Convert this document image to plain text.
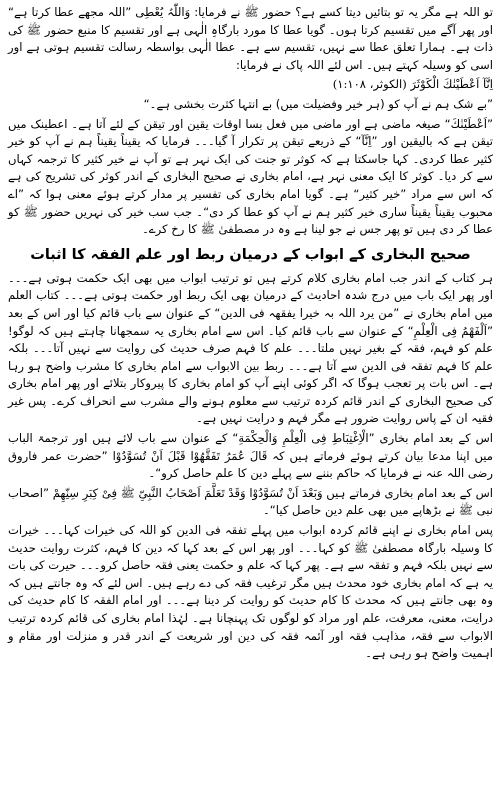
تو اللہ ہے مگر یہ تو بتائیں دیتا کسے ہے؟ حضور ﷺ نے فرمایا: وَاللّٰہُ یُعْطِی ”اللہ مجھے عطا کرتا ہے“ اور پھر آگے میں تقسیم کرتا ہوں۔ گویا عطا کا مورد بارگاہِ الٰہی ہے اور تقسیم کا منبع حضور ﷺ کی ذات ہے۔ ہمارا تعلق عطا سے نہیں، تقسیم سے ہے۔ عطا الٰہی بواسطہ رسالت تقسیم ہوتی ہے اور اسی کو وسیلہ کہتے ہیں۔ اس لئے اللہ پاک نے فرمایا:

اِنَّآ اَعْطَیْنٰكَ الْكَوْثَرَ (الکوثر، ۱:۱۰۸)

”بے شک ہم نے آپ کو (ہر خیر وفضیلت میں) بے انتہا کثرت بخشی ہے۔“

”اَعْطَیْنٰكَ“ صیغہ ماضی ہے اور ماضی میں فعل بسا اوقات یقین اور تیقن کے لئے آتا ہے۔ اعطینک میں تیقن ہے کہ بالیقین اور ”اِنَّآ“ کے ذریعے تیقن پر تکرار آ گیا۔۔۔ فرمایا کہ یقیناً یقیناً ہم نے آپ کو خیر کثیر عطا کردی۔ کہا جاسکتا ہے کہ کوثر تو جنت کی ایک نہر ہے تو آپ نے خیر کثیر کا ترجمہ کہاں سے کر دیا۔ کوثر کا ایک معنی نہر ہے، امام بخاری نے صحیح البخاری کے اندر کوثر کی تشریح کی ہے کہ اس سے مراد ”خیر کثیر“ ہے۔ گویا امام بخاری کی تفسیر پر مدار کرتے ہوئے معنی ہوا کہ ”اے محبوب یقیناً یقیناً ساری خیر کثیر ہم نے آپ کو عطا کر دی“۔ جب سب خیر کی نہریں حضور ﷺ کو عطا کر دی ہیں تو پھر جس نے جو لینا ہے وہ در مصطفیٰ ﷺ کا رخ کرے۔

صحیح البخاری کے ابواب کے درمیان ربط اور علم الفقہ کا اثبات

ہر کتاب کے اندر جب امام بخاری کلام کرتے ہیں تو ترتیب ابواب میں بھی ایک حکمت ہوتی ہے۔۔۔ اور پھر ایک باب میں درج شدہ احادیث کے درمیان بھی ایک ربط اور حکمت ہوتی ہے۔۔۔ کتاب العلم میں امام بخاری نے ”من یرد اللہ بہ خیرا یفقھہ فی الدین“ کے عنوان سے باب قائم کیا اور اس کے بعد ”اَلْفَھْمُ فِی الْعِلْمِ“ کے عنوان سے باب قائم کیا۔ اس سے امام بخاری یہ سمجھانا چاہتے ہیں کہ لوگو! علم کو فہم، فقہ کے بغیر نہیں ملتا۔۔۔ علم کا فہم صرف حدیث کی روایت سے نہیں آتا۔۔۔ بلکہ علم کا فہم تفقہ فی الدین سے آتا ہے۔۔۔ ربط بین الابواب سے امام بخاری کا مشرب واضح ہو رہا ہے۔ اس بات پر تعجب ہوگا کہ اگر کوئی اپنے آپ کو امام بخاری کا پیروکار بتلائے اور پھر امام بخاری کی صحیح البخاری کے اندر قائم کردہ ترتیب سے معلوم ہونے والے مشرب سے انحراف کرے۔ پس غیر فقیہ ان کے پاس روایت ضرور ہے مگر فہم و درایت نہیں ہے۔

اس کے بعد امام بخاری ”الْاِغْتِبَاطِ فِی الْعِلْمِ وَالْحِكْمَةِ“ کے عنوان سے باب لائے ہیں اور ترجمۃ الباب میں اپنا مدعا بیان کرتے ہوئے فرماتے ہیں کہ قَالَ عُمَرُ تَفَقَّهُوْا قَبْلَ اَنْ تُسَوَّدُوْا ”حضرت عمر فاروق رضی اللہ عنہ نے فرمایا کہ حاکم بننے سے پہلے دین کا علم حاصل کرو“۔

اس کے بعد امام بخاری فرماتے ہیں وَبَعْدَ اَنْ تُسَوَّدُوْا وَقَدْ تَعَلَّمَ اَصْحَابُ النَّبِیِّ ﷺ فِیْ كِبَرِ سِنِّهِمْ ”اصحاب نبی ﷺ نے بڑھاپے میں بھی علم دین حاصل کیا“۔

پس امام بخاری نے اپنے قائم کردہ ابواب میں پہلے تفقہ فی الدین کو اللہ کی خیرات کہا۔۔۔ خیرات کا وسیلہ بارگاہ مصطفیٰ ﷺ کو کہا۔۔۔ اور پھر اس کے بعد کہا کہ دین کا فہم، کثرت روایت حدیث سے نہیں بلکہ فہم و تفقہ سے ہے۔ پھر کہا کہ علم و حکمت یعنی فقہ حاصل کرو۔۔۔ حیرت کی بات یہ ہے کہ امام بخاری خود محدث ہیں مگر ترغیب فقہ کی دے رہے ہیں۔ اس لئے کہ وہ جانتے ہیں کہ وہ بھی جانتے ہیں کہ محدث کا کام حدیث کو روایت کر دینا ہے۔۔۔ اور امام الفقہ کا کام حدیث کی درایت، معنی، معرفت، علم اور مراد کو لوگوں تک پہنچانا ہے۔ لہٰذا امام بخاری کی قائم کردہ ترتیب الابواب سے فقہ، مذاہب فقہ اور آئمہ فقہ کی دین اور شریعت کے اندر قدر و منزلت اور مقام و اہمیت واضح ہو رہی ہے۔
